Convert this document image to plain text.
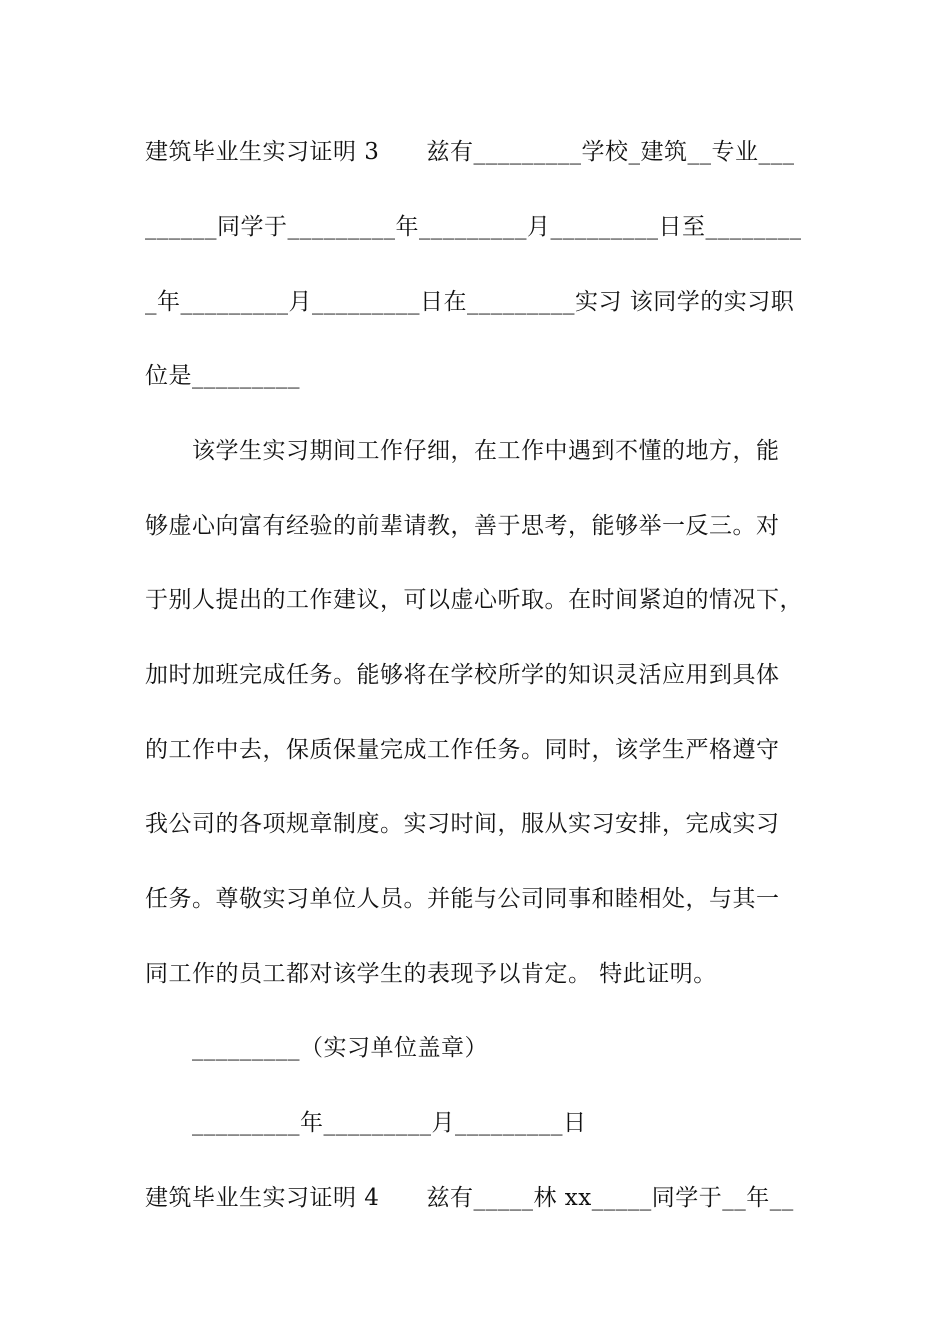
建筑毕业生实习证明 3　　兹有_________学校_建筑__专业___
______同学于_________年_________月_________日至________
_年_________月_________日在_________实习 该同学的实习职
位是_________
该学生实习期间工作仔细，在工作中遇到不懂的地方，能
够虚心向富有经验的前辈请教，善于思考，能够举一反三。对
于别人提出的工作建议，可以虚心听取。在时间紧迫的情况下，
加时加班完成任务。能够将在学校所学的知识灵活应用到具体
的工作中去，保质保量完成工作任务。同时，该学生严格遵守
我公司的各项规章制度。实习时间，服从实习安排，完成实习
任务。尊敬实习单位人员。并能与公司同事和睦相处，与其一
同工作的员工都对该学生的表现予以肯定。 特此证明。
_________（实习单位盖章）
_________年_________月_________日
建筑毕业生实习证明 4　　兹有_____林 xx_____同学于__年__
